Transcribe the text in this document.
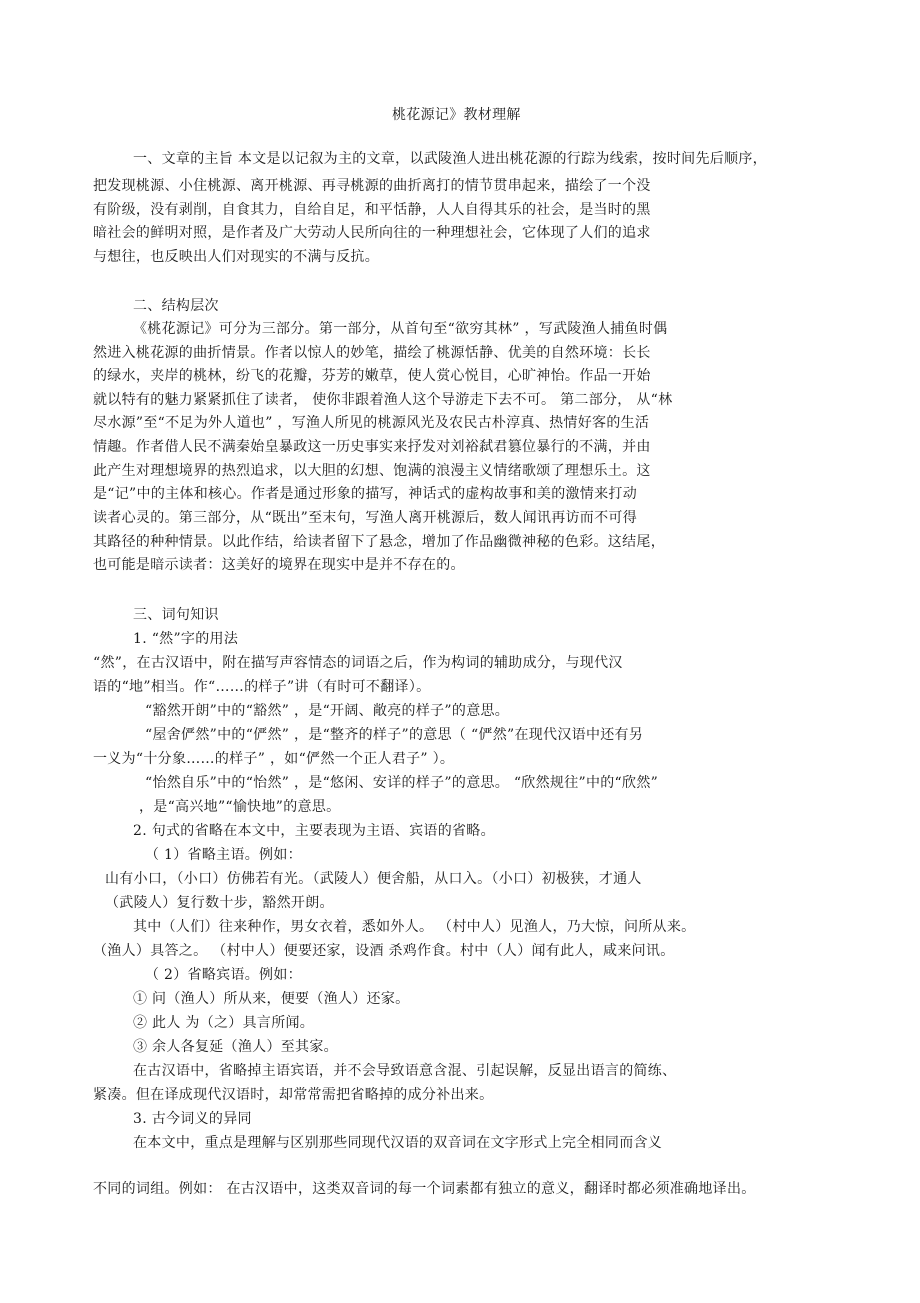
桃花源记》教材理解

一、文章的主旨 本文是以记叙为主的文章，以武陵渔人进出桃花源的行踪为线索，按时间先后顺序，

把发现桃源、小住桃源、离开桃源、再寻桃源的曲折离打的情节贯串起来，描绘了一个没

有阶级，没有剥削，自食其力，自给自足，和平恬静，人人自得其乐的社会，是当时的黑

暗社会的鲜明对照，是作者及广大劳动人民所向往的一种理想社会，它体现了人们的追求

与想往，也反映出人们对现实的不满与反抗。

二、结构层次

《桃花源记》可分为三部分。第一部分，从首句至“欲穷其林” ，写武陵渔人捕鱼时偶

然进入桃花源的曲折情景。作者以惊人的妙笔，描绘了桃源恬静、优美的自然环境：长长

的绿水，夹岸的桃林，纷飞的花瓣，芬芳的嫩草，使人赏心悦目，心旷神怡。作品一开始

就以特有的魅力紧紧抓住了读者， 使你非跟着渔人这个导游走下去不可。 第二部分， 从“林

尽水源”至“不足为外人道也” ，写渔人所见的桃源风光及农民古朴淳真、热情好客的生活

情趣。作者借人民不满秦始皇暴政这一历史事实来抒发对刘裕弑君篡位暴行的不满，并由

此产生对理想境界的热烈追求，以大胆的幻想、饱满的浪漫主义情绪歌颂了理想乐土。这

是“记”中的主体和核心。作者是通过形象的描写，神话式的虚构故事和美的激情来打动

读者心灵的。第三部分，从“既出”至末句，写渔人离开桃源后，数人闻讯再访而不可得

其路径的种种情景。以此作结，给读者留下了悬念，增加了作品幽微神秘的色彩。这结尾，

也可能是暗示读者：这美好的境界在现实中是并不存在的。

三、词句知识

1. “然”字的用法

“然”，在古汉语中，附在描写声容情态的词语之后，作为构词的辅助成分，与现代汉

语的“地”相当。作“……的样子”讲（有时可不翻译）。

“豁然开朗”中的“豁然” ，是“开阔、敞亮的样子”的意思。

“屋舍俨然”中的“俨然” ，是“整齐的样子”的意思（ “俨然”在现代汉语中还有另

一义为“十分象……的样子” ，如“俨然一个正人君子” ）。

“怡然自乐”中的“怡然” ，是“悠闲、安详的样子”的意思。 “欣然规往”中的“欣然”

，是“高兴地”“愉快地”的意思。

2. 句式的省略在本文中，主要表现为主语、宾语的省略。

（ 1）省略主语。例如：

山有小口，（小口）仿佛若有光。（武陵人）便舍船，从口入。（小口）初极狭，才通人

（武陵人）复行数十步，豁然开朗。

其中（人们）往来种作，男女衣着，悉如外人。 （村中人）见渔人，乃大惊，问所从来。

（渔人）具答之。 （村中人）便要还家，设酒 杀鸡作食。村中（人）闻有此人，咸来问讯。

（ 2）省略宾语。例如：

① 问（渔人）所从来，便要（渔人）还家。

② 此人 为（之）具言所闻。

③ 余人各复延（渔人）至其家。

在古汉语中，省略掉主语宾语，并不会导致语意含混、引起误解，反显出语言的简练、

紧凑。但在译成现代汉语时，却常常需把省略掉的成分补出来。

3. 古今词义的异同

在本文中，重点是理解与区别那些同现代汉语的双音词在文字形式上完全相同而含义

不同的词组。例如： 在古汉语中，这类双音词的每一个词素都有独立的意义，翻译时都必须准确地译出。
